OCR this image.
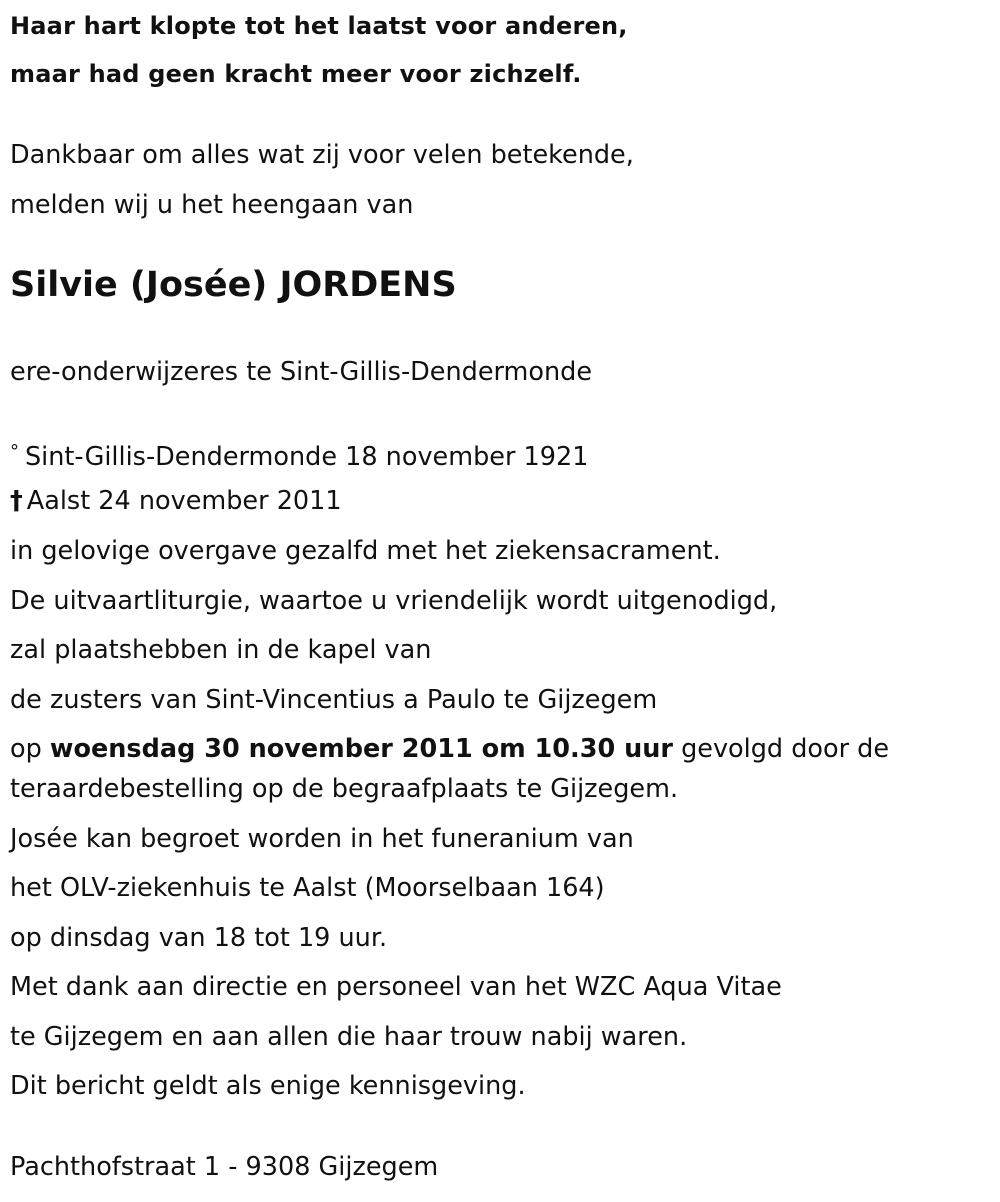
Haar hart klopte tot het laatst voor anderen,
maar had geen kracht meer voor zichzelf.
Dankbaar om alles wat zij voor velen betekende,
melden wij u het heengaan van
Silvie (Josée) JORDENS
ere-onderwijzeres te Sint-Gillis-Dendermonde
° Sint-Gillis-Dendermonde 18 november 1921
† Aalst 24 november 2011
in gelovige overgave gezalfd met het ziekensacrament.
De uitvaartliturgie, waartoe u vriendelijk wordt uitgenodigd,
zal plaatshebben in de kapel van
de zusters van Sint-Vincentius a Paulo te Gijzegem
op woensdag 30 november 2011 om 10.30 uur gevolgd door de teraardebestelling op de begraafplaats te Gijzegem.
Josée kan begroet worden in het funeranium van
het OLV-ziekenhuis te Aalst (Moorselbaan 164)
op dinsdag van 18 tot 19 uur.
Met dank aan directie en personeel van het WZC Aqua Vitae
te Gijzegem en aan allen die haar trouw nabij waren.
Dit bericht geldt als enige kennisgeving.
Pachthofstraat 1 - 9308 Gijzegem
